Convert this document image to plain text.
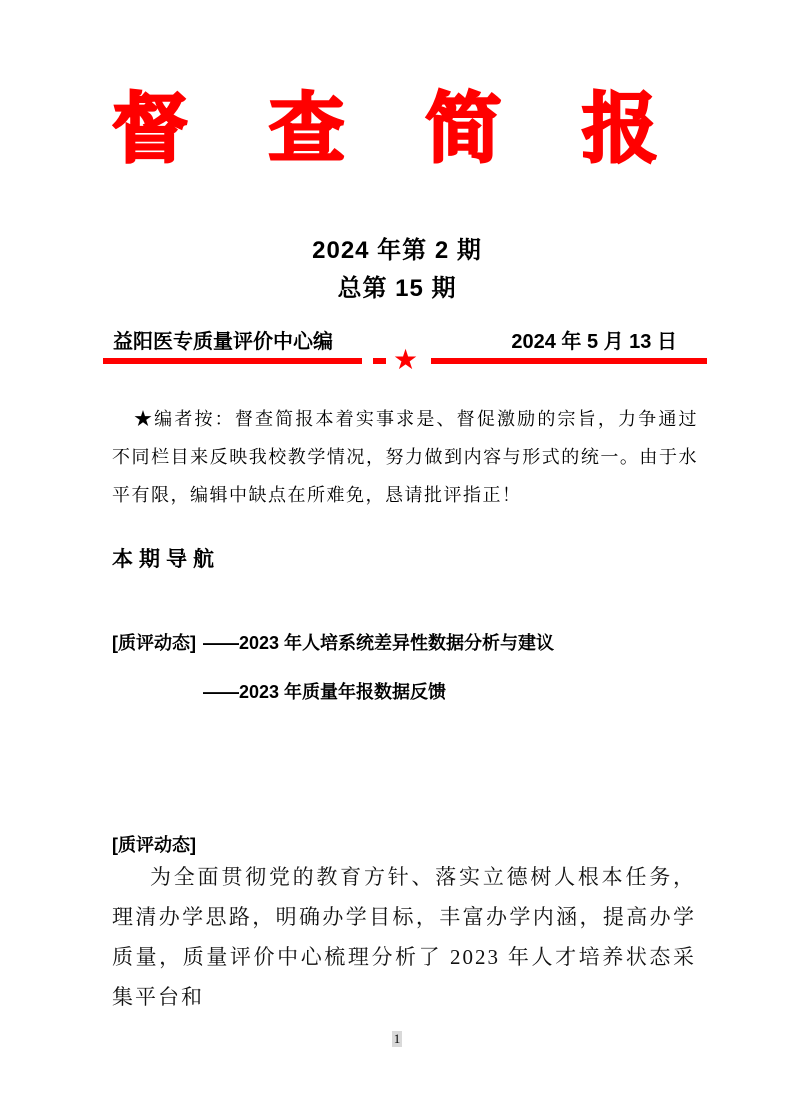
督 查 简 报
2024 年第 2 期
总第 15 期
益阳医专质量评价中心编	2024 年 5 月 13 日
★

★编者按：督查简报本着实事求是、督促激励的宗旨，力争通过不同栏目来反映我校教学情况，努力做到内容与形式的统一。由于水平有限，编辑中缺点在所难免，恳请批评指正！

本期导航
[质评动态] ——2023 年人培系统差异性数据分析与建议
——2023 年质量年报数据反馈
[质评动态]

为全面贯彻党的教育方针、落实立德树人根本任务，理清办学思路，明确办学目标，丰富办学内涵，提高办学质量，质量评价中心梳理分析了 2023 年人才培养状态采集平台和

1
